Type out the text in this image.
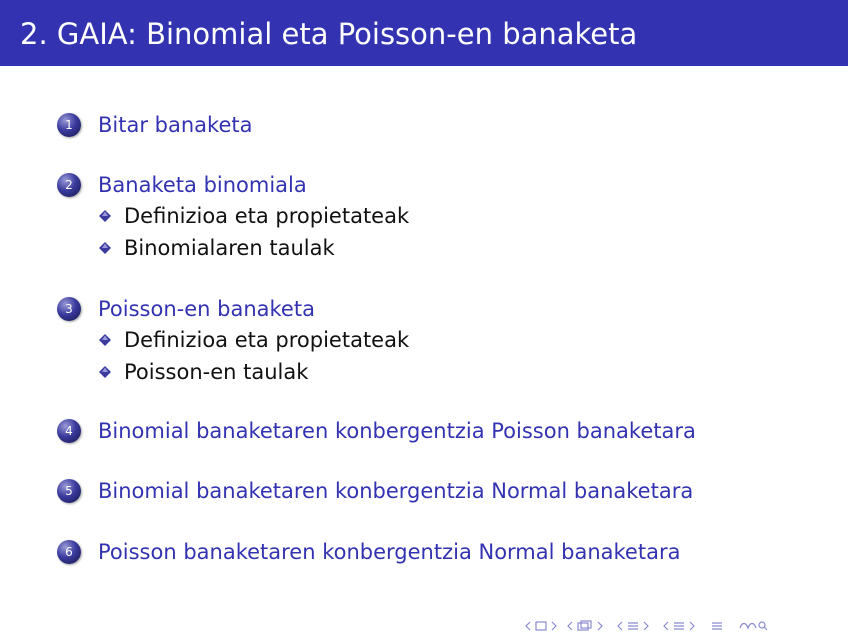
2. GAIA: Binomial eta Poisson-en banaketa
1	Bitar banaketa
2	Banaketa binomiala
Definizioa eta propietateak
Binomialaren taulak
3	Poisson-en banaketa
Definizioa eta propietateak
Poisson-en taulak
4	Binomial banaketaren konbergentzia Poisson banaketara
5	Binomial banaketaren konbergentzia Normal banaketara
6	Poisson banaketaren konbergentzia Normal banaketara
